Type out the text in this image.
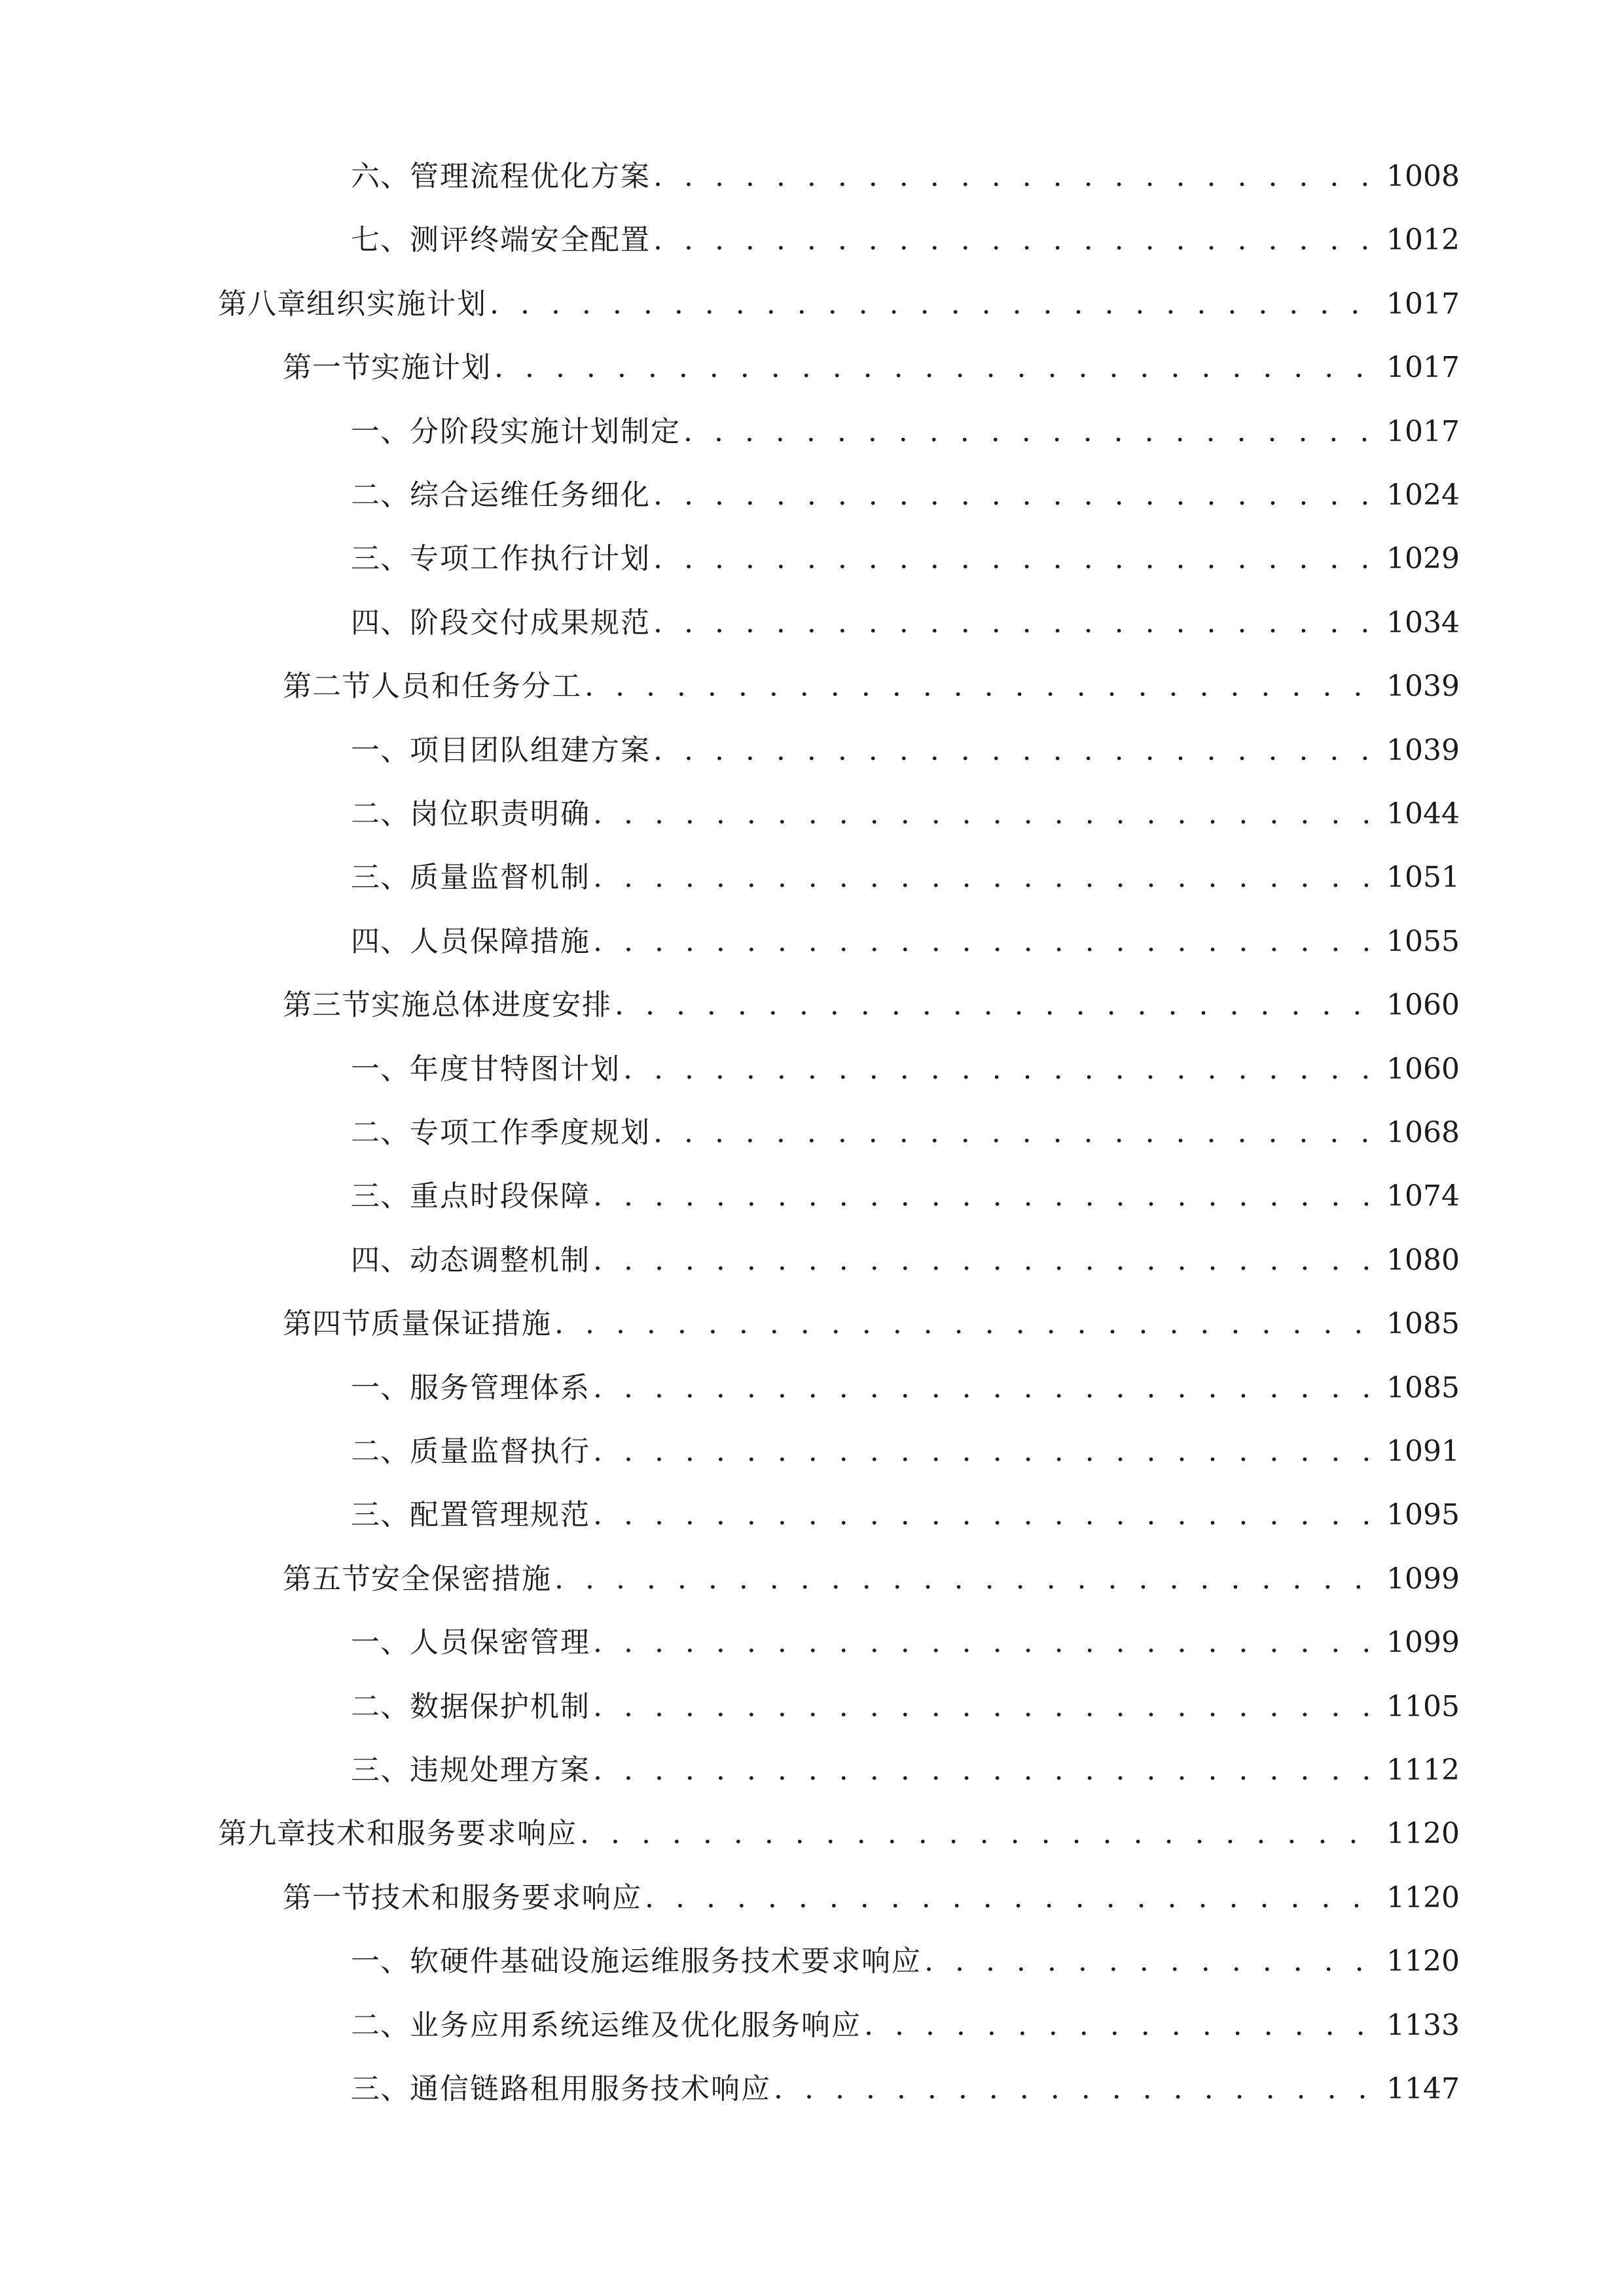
六、 管理流程优化方案 . . .	1008
七、 测评终端安全配置 . . .	1012
第八章 组织实施计划 . . .	1017
第一节 实施计划 . . .	1017
一、 分阶段实施计划制定 . . .	1017
二、 综合运维任务细化 . . .	1024
三、 专项工作执行计划 . . .	1029
四、 阶段交付成果规范 . . .	1034
第二节 人员和任务分工 . . .	1039
一、 项目团队组建方案 . . .	1039
二、 岗位职责明确 . . .	1044
三、 质量监督机制 . . .	1051
四、 人员保障措施 . . .	1055
第三节 实施总体进度安排 . . .	1060
一、 年度甘特图计划 . . .	1060
二、 专项工作季度规划 . . .	1068
三、 重点时段保障 . . .	1074
四、 动态调整机制 . . .	1080
第四节 质量保证措施 . . .	1085
一、 服务管理体系 . . .	1085
二、 质量监督执行 . . .	1091
三、 配置管理规范 . . .	1095
第五节 安全保密措施 . . .	1099
一、 人员保密管理 . . .	1099
二、 数据保护机制 . . .	1105
三、 违规处理方案 . . .	1112
第九章 技术和服务要求响应 . . .	1120
第一节 技术和服务要求响应 . . .	1120
一、 软硬件基础设施运维服务技术要求响应 . . .	1120
二、 业务应用系统运维及优化服务响应 . . .	1133
三、 通信链路租用服务技术响应 . . .	1147
